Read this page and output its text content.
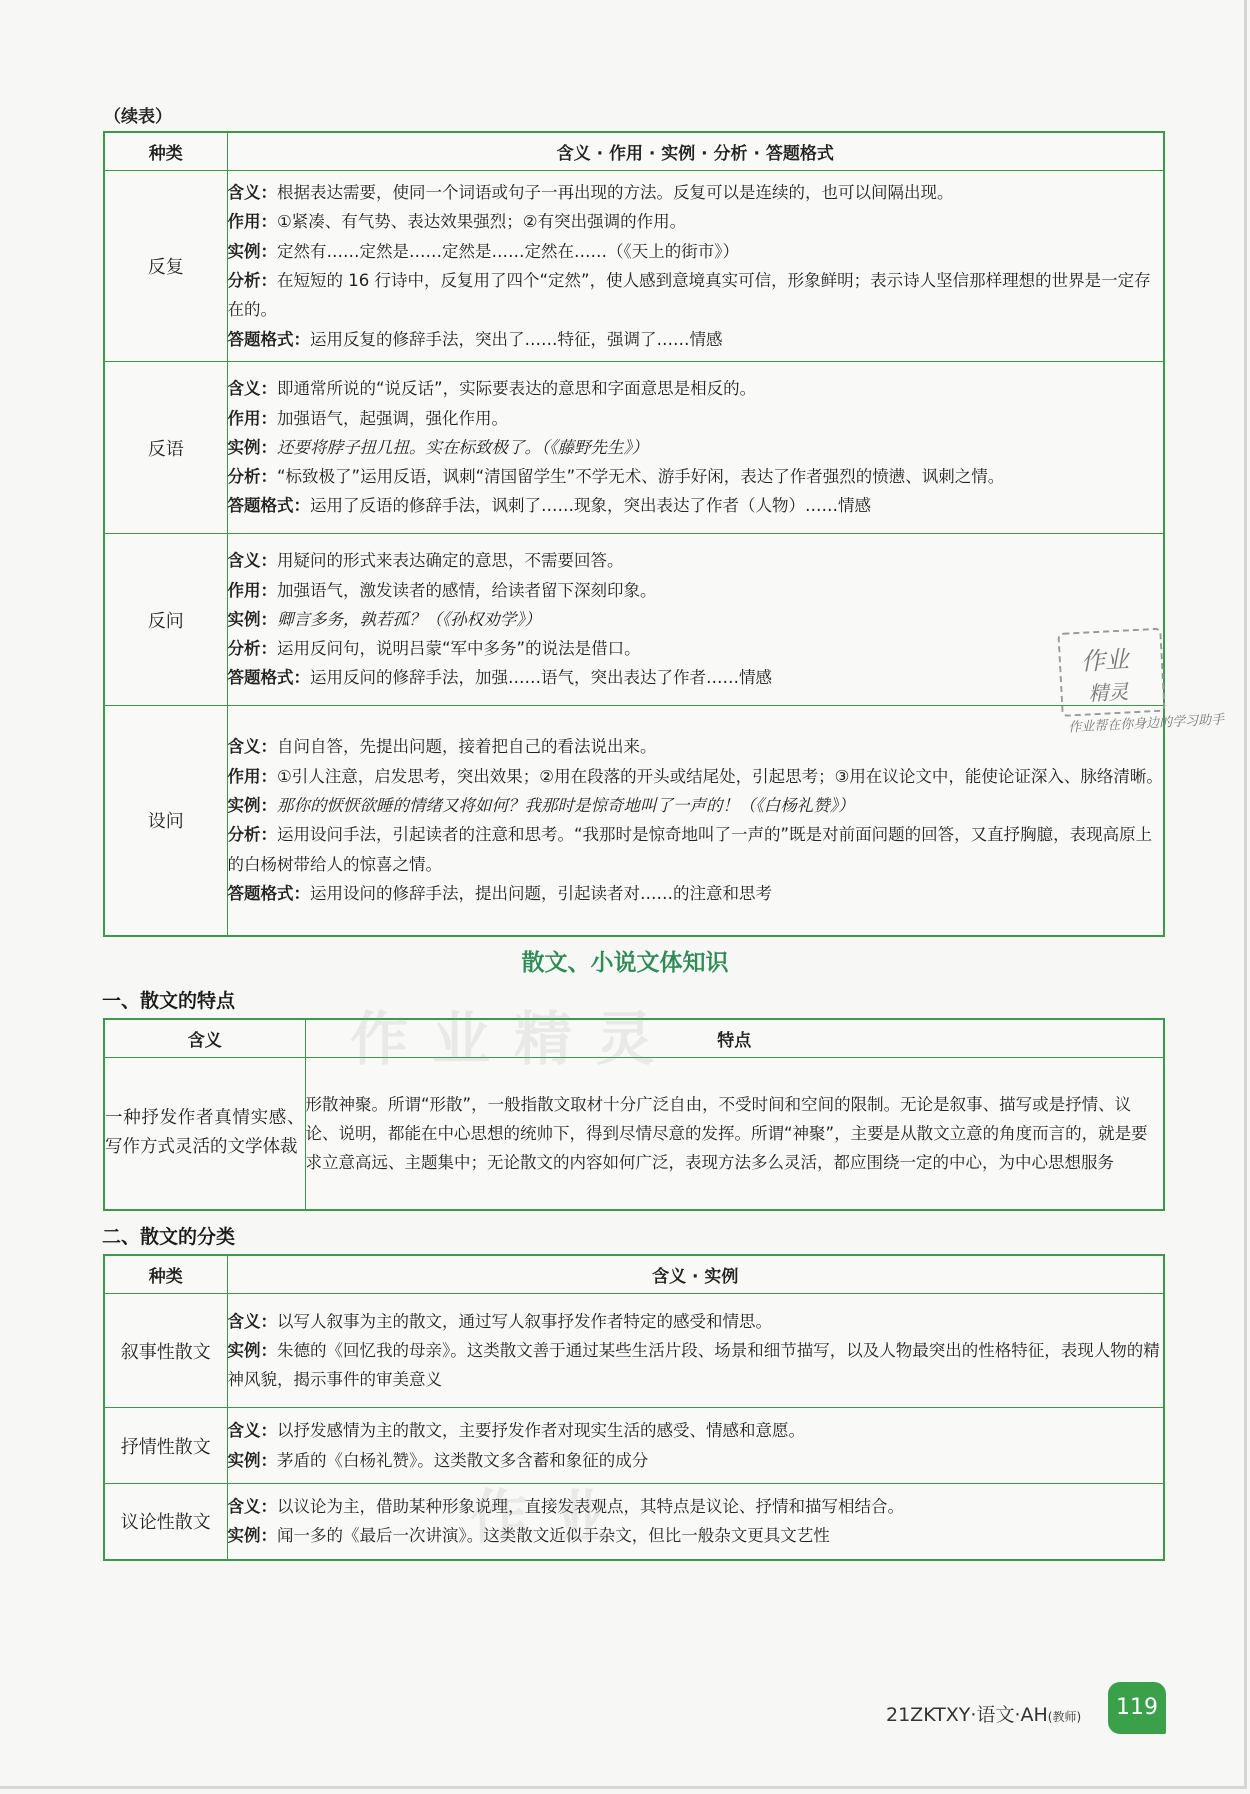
（续表）
种类	含义 · 作用 · 实例 · 分析 · 答题格式
反复	含义：根据表达需要，使同一个词语或句子一再出现的方法。反复可以是连续的，也可以间隔出现。

作用：①紧凑、有气势、表达效果强烈；②有突出强调的作用。

实例：定然有……定然是……定然是……定然在……（《天上的街市》）

分析：在短短的 16 行诗中，反复用了四个“定然”，使人感到意境真实可信，形象鲜明；表示诗人坚信那样理想的世界是一定存在的。

答题格式：运用反复的修辞手法，突出了……特征，强调了……情感

反语	含义：即通常所说的“说反话”，实际要表达的意思和字面意思是相反的。

作用：加强语气，起强调，强化作用。

实例：还要将脖子扭几扭。实在标致极了。（《藤野先生》）

分析：“标致极了”运用反语，讽刺“清国留学生”不学无术、游手好闲，表达了作者强烈的愤懑、讽刺之情。

答题格式：运用了反语的修辞手法，讽刺了……现象，突出表达了作者（人物）……情感

反问	含义：用疑问的形式来表达确定的意思，不需要回答。

作用：加强语气，激发读者的感情，给读者留下深刻印象。

实例：卿言多务，孰若孤？（《孙权劝学》）

分析：运用反问句，说明吕蒙“军中多务”的说法是借口。

答题格式：运用反问的修辞手法，加强……语气，突出表达了作者……情感

设问	含义：自问自答，先提出问题，接着把自己的看法说出来。

作用：①引人注意，启发思考，突出效果；②用在段落的开头或结尾处，引起思考；③用在议论文中，能使论证深入、脉络清晰。

实例：那你的恹恹欲睡的情绪又将如何？我那时是惊奇地叫了一声的！（《白杨礼赞》）

分析：运用设问手法，引起读者的注意和思考。“我那时是惊奇地叫了一声的”既是对前面问题的回答，又直抒胸臆，表现高原上的白杨树带给人的惊喜之情。

答题格式：运用设问的修辞手法，提出问题，引起读者对……的注意和思考

散文、小说文体知识
一、散文的特点
含义	特点
一种抒发作者真情实感、写作方式灵活的文学体裁	形散神聚。所谓“形散”，一般指散文取材十分广泛自由，不受时间和空间的限制。无论是叙事、描写或是抒情、议论、说明，都能在中心思想的统帅下，得到尽情尽意的发挥。所谓“神聚”，主要是从散文立意的角度而言的，就是要求立意高远、主题集中；无论散文的内容如何广泛，表现方法多么灵活，都应围绕一定的中心，为中心思想服务
二、散文的分类
种类	含义 · 实例
叙事性散文	含义：以写人叙事为主的散文，通过写人叙事抒发作者特定的感受和情思。

实例：朱德的《回忆我的母亲》。这类散文善于通过某些生活片段、场景和细节描写，以及人物最突出的性格特征，表现人物的精神风貌，揭示事件的审美意义

抒情性散文	含义：以抒发感情为主的散文，主要抒发作者对现实生活的感受、情感和意愿。

实例：茅盾的《白杨礼赞》。这类散文多含蓄和象征的成分

议论性散文	含义：以议论为主，借助某种形象说理，直接发表观点，其特点是议论、抒情和描写相结合。

实例：闻一多的《最后一次讲演》。这类散文近似于杂文，但比一般杂文更具文艺性

作业
精灵
作业帮在你身边的学习助手
21ZKTXY·语文·AH(教师)	119
